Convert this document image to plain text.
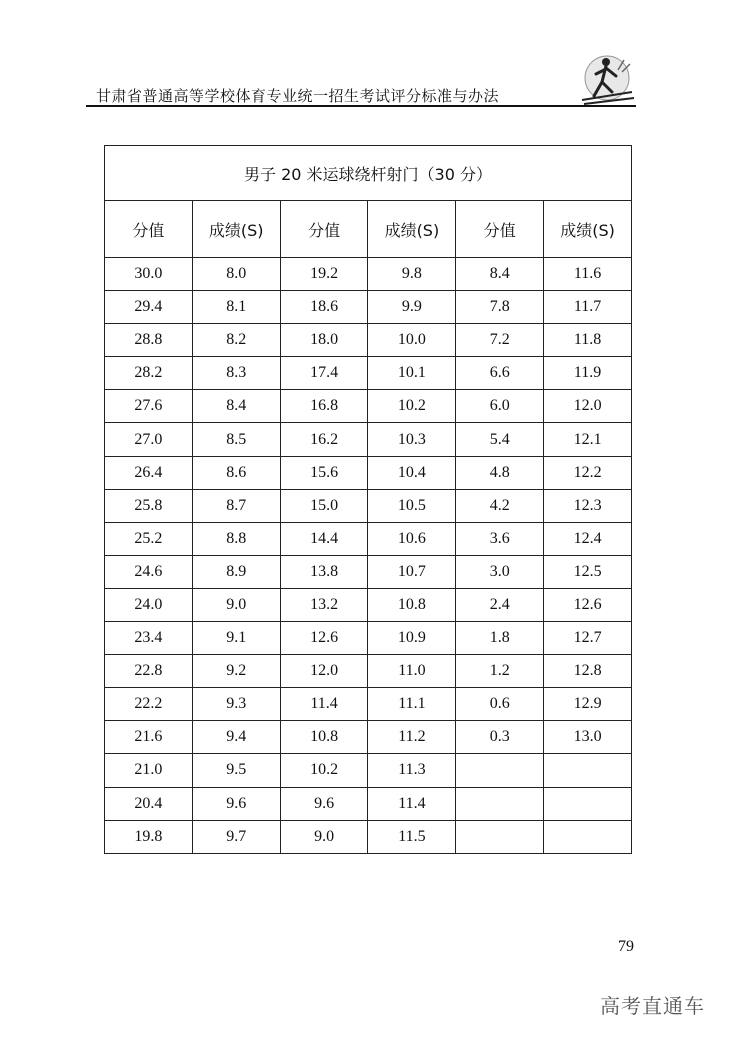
甘肃省普通高等学校体育专业统一招生考试评分标准与办法
男子 20 米运球绕杆射门（30 分）					
分值	成绩(S)	分值	成绩(S)	分值	成绩(S)
30.0	8.0	19.2	9.8	8.4	11.6
29.4	8.1	18.6	9.9	7.8	11.7
28.8	8.2	18.0	10.0	7.2	11.8
28.2	8.3	17.4	10.1	6.6	11.9
27.6	8.4	16.8	10.2	6.0	12.0
27.0	8.5	16.2	10.3	5.4	12.1
26.4	8.6	15.6	10.4	4.8	12.2
25.8	8.7	15.0	10.5	4.2	12.3
25.2	8.8	14.4	10.6	3.6	12.4
24.6	8.9	13.8	10.7	3.0	12.5
24.0	9.0	13.2	10.8	2.4	12.6
23.4	9.1	12.6	10.9	1.8	12.7
22.8	9.2	12.0	11.0	1.2	12.8
22.2	9.3	11.4	11.1	0.6	12.9
21.6	9.4	10.8	11.2	0.3	13.0
21.0	9.5	10.2	11.3		
20.4	9.6	9.6	11.4		
19.8	9.7	9.0	11.5		
79
高考直通车
